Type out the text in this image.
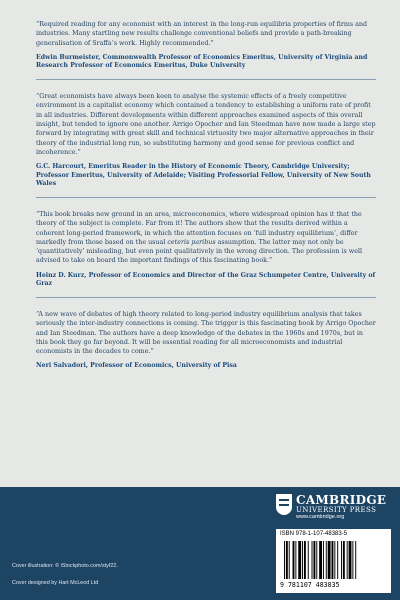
“Required reading for any economist with an interest in the long-run equilibria properties of firms and industries. Many startling new results challenge conventional beliefs and provide a path-breaking generalisation of Sraffa’s work. Highly recommended.”

Edwin Burmeister, Commonwealth Professor of Economics Emeritus, University of Virginia and Research Professor of Economics Emeritus, Duke University

“Great economists have always been keen to analyse the systemic effects of a freely competitive environment in a capitalist economy which contained a tendency to establishing a uniform rate of profit in all industries. Different developments within different approaches examined aspects of this overall insight, but tended to ignore one another. Arrigo Opocher and Ian Steedman have now made a large step forward by integrating with great skill and technical virtuosity two major alternative approaches in their theory of the industrial long run, so substituting harmony and good sense for previous conflict and incoherence.”

G.C. Harcourt, Emeritus Reader in the History of Economic Theory, Cambridge University; Professor Emeritus, University of Adelaide; Visiting Professorial Fellow, University of New South Wales

“This book breaks new ground in an area, microeconomics, where widespread opinion has it that the theory of the subject is complete. Far from it! The authors show that the results derived within a coherent long-period framework, in which the attention focuses on ‘full industry equilibrium’, differ markedly from those based on the usual ceteris paribus assumption. The latter may not only be ‘quantitatively’ misleading, but even point qualitatively in the wrong direction. The profession is well advised to take on board the important findings of this fascinating book.”

Heinz D. Kurz, Professor of Economics and Director of the Graz Schumpeter Centre, University of Graz

“A new wave of debates of high theory related to long-period industry equilibrium analysis that takes seriously the inter-industry connections is coming. The trigger is this fascinating book by Arrigo Opocher and Ian Steedman. The authors have a deep knowledge of the debates in the 1960s and 1970s, but in this book they go far beyond. It will be essential reading for all microeconomists and industrial economists in the decades to come.”

Neri Salvadori, Professor of Economics, University of Pisa

Cover illustration: © iStockphoto.com/styf22.
Cover designed by Hart McLeod Ltd
CAMBRIDGE
UNIVERSITY PRESS
www.cambridge.org
ISBN 978-1-107-48383-5
9 781107 483835
